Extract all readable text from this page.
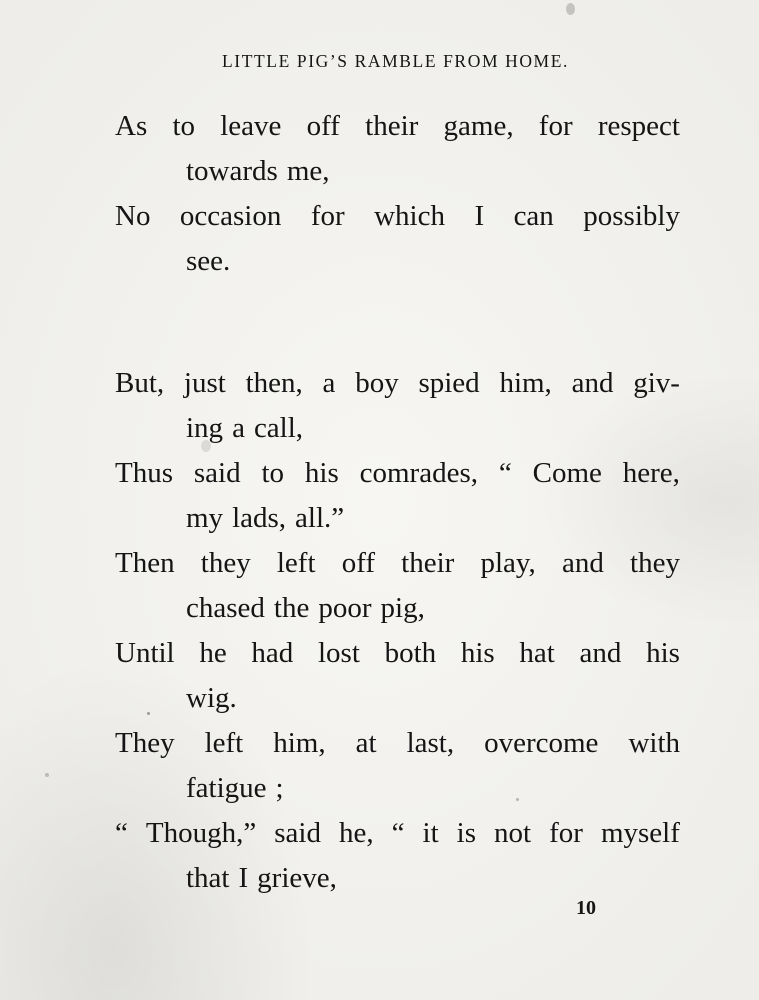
LITTLE PIG’S RAMBLE FROM HOME.
As to leave off their game, for respect
towards me,
No occasion for which I can possibly
see.
But, just then, a boy spied him, and giv-
ing a call,
Thus said to his comrades, “ Come here,
my lads, all.”
Then they left off their play, and they
chased the poor pig,
Until he had lost both his hat and his
wig.
They left him, at last, overcome with
fatigue ;
“ Though,” said he, “ it is not for myself
that I grieve,
10
